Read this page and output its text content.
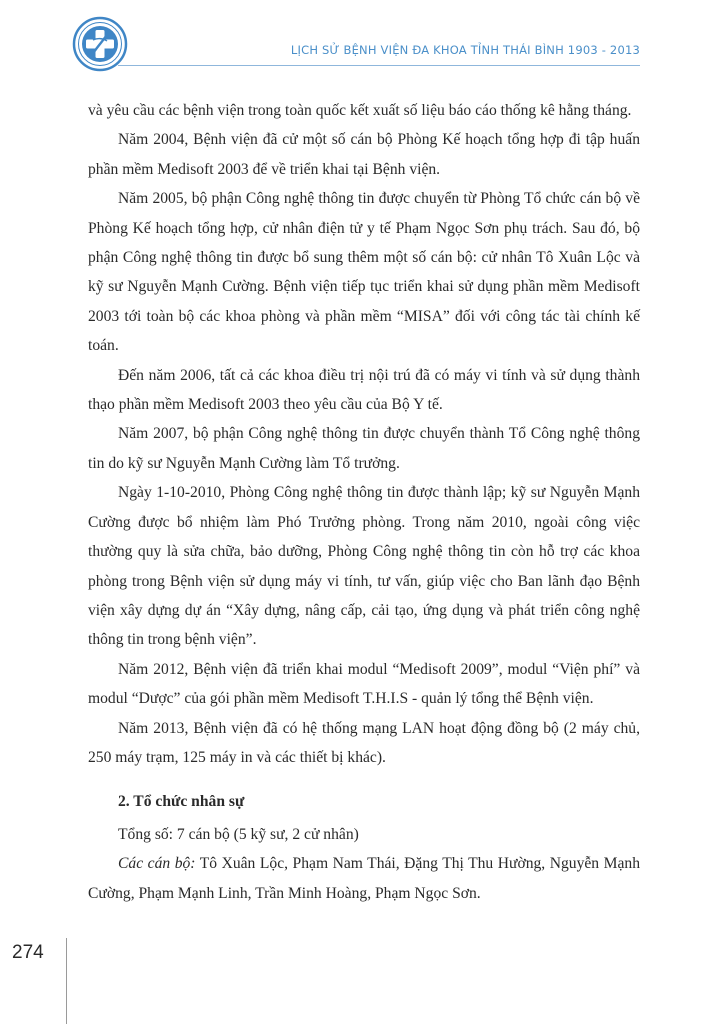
LỊCH SỬ BỆNH VIỆN ĐA KHOA TỈNH THÁI BÌNH 1903 - 2013

và yêu cầu các bệnh viện trong toàn quốc kết xuất số liệu báo cáo thống kê hằng tháng.

Năm 2004, Bệnh viện đã cử một số cán bộ Phòng Kế hoạch tổng hợp đi tập huấn phần mềm Medisoft 2003 để về triển khai tại Bệnh viện.

Năm 2005, bộ phận Công nghệ thông tin được chuyển từ Phòng Tổ chức cán bộ về Phòng Kế hoạch tổng hợp, cử nhân điện tử y tế Phạm Ngọc Sơn phụ trách. Sau đó, bộ phận Công nghệ thông tin được bổ sung thêm một số cán bộ: cử nhân Tô Xuân Lộc và kỹ sư Nguyễn Mạnh Cường. Bệnh viện tiếp tục triển khai sử dụng phần mềm Medisoft 2003 tới toàn bộ các khoa phòng và phần mềm “MISA” đối với công tác tài chính kế toán.

Đến năm 2006, tất cả các khoa điều trị nội trú đã có máy vi tính và sử dụng thành thạo phần mềm Medisoft 2003 theo yêu cầu của Bộ Y tế.

Năm 2007, bộ phận Công nghệ thông tin được chuyển thành Tổ Công nghệ thông tin do kỹ sư Nguyễn Mạnh Cường làm Tổ trưởng.

Ngày 1-10-2010, Phòng Công nghệ thông tin được thành lập; kỹ sư Nguyễn Mạnh Cường được bổ nhiệm làm Phó Trưởng phòng. Trong năm 2010, ngoài công việc thường quy là sửa chữa, bảo dưỡng, Phòng Công nghệ thông tin còn hỗ trợ các khoa phòng trong Bệnh viện sử dụng máy vi tính, tư vấn, giúp việc cho Ban lãnh đạo Bệnh viện xây dựng dự án “Xây dựng, nâng cấp, cải tạo, ứng dụng và phát triển công nghệ thông tin trong bệnh viện”.

Năm 2012, Bệnh viện đã triển khai modul “Medisoft 2009”, modul “Viện phí” và modul “Dược” của gói phần mềm Medisoft T.H.I.S - quản lý tổng thể Bệnh viện.

Năm 2013, Bệnh viện đã có hệ thống mạng LAN hoạt động đồng bộ (2 máy chủ, 250 máy trạm, 125 máy in và các thiết bị khác).

2. Tổ chức nhân sự

Tổng số: 7 cán bộ (5 kỹ sư, 2 cử nhân)

Các cán bộ: Tô Xuân Lộc, Phạm Nam Thái, Đặng Thị Thu Hường, Nguyễn Mạnh Cường, Phạm Mạnh Linh, Trần Minh Hoàng, Phạm Ngọc Sơn.

274
